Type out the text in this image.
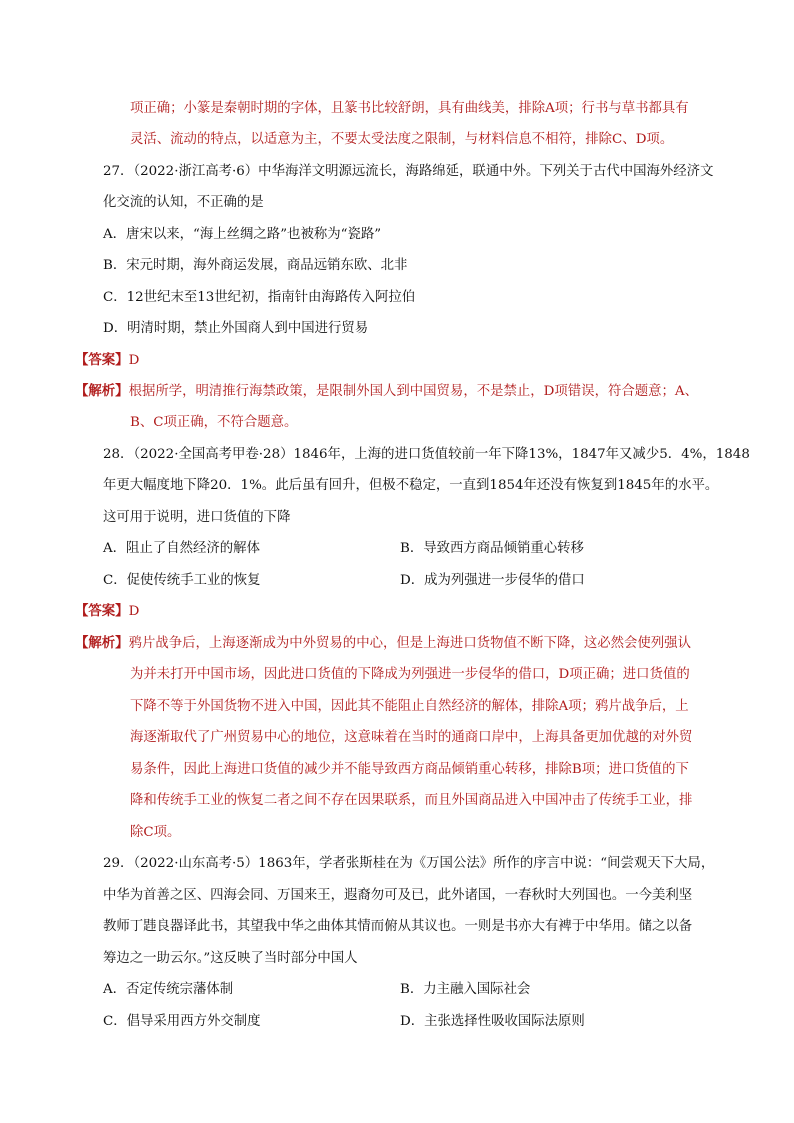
项正确；小篆是秦朝时期的字体，且篆书比较舒朗，具有曲线美，排除A项；行书与草书都具有
灵活、流动的特点，以适意为主，不要太受法度之限制，与材料信息不相符，排除C、D项。
27．（2022·浙江高考·6）中华海洋文明源远流长，海路绵延，联通中外。下列关于古代中国海外经济文
化交流的认知，不正确的是
A．唐宋以来，“海上丝绸之路”也被称为“瓷路”
B．宋元时期，海外商运发展，商品远销东欧、北非
C．12世纪末至13世纪初，指南针由海路传入阿拉伯
D．明清时期，禁止外国商人到中国进行贸易
【答案】D
【解析】根据所学，明清推行海禁政策，是限制外国人到中国贸易，不是禁止，D项错误，符合题意；A、
B、C项正确，不符合题意。
28．（2022·全国高考甲卷·28）1846年，上海的进口货值较前一年下降13%，1847年又减少5．4%，1848
年更大幅度地下降20．1%。此后虽有回升，但极不稳定，一直到1854年还没有恢复到1845年的水平。
这可用于说明，进口货值的下降
A．阻止了自然经济的解体	B．导致西方商品倾销重心转移
C．促使传统手工业的恢复	D．成为列强进一步侵华的借口
【答案】D
【解析】鸦片战争后，上海逐渐成为中外贸易的中心，但是上海进口货物值不断下降，这必然会使列强认
为并未打开中国市场，因此进口货值的下降成为列强进一步侵华的借口，D项正确；进口货值的
下降不等于外国货物不进入中国，因此其不能阻止自然经济的解体，排除A项；鸦片战争后，上
海逐渐取代了广州贸易中心的地位，这意味着在当时的通商口岸中，上海具备更加优越的对外贸
易条件，因此上海进口货值的减少并不能导致西方商品倾销重心转移，排除B项；进口货值的下
降和传统手工业的恢复二者之间不存在因果联系，而且外国商品进入中国冲击了传统手工业，排
除C项。
29．（2022·山东高考·5）1863年，学者张斯桂在为《万国公法》所作的序言中说：“间尝观天下大局，
中华为首善之区、四海会同、万国来王，遐裔勿可及已，此外诸国，一春秋时大列国也。一今美利坚
教师丁韪良器译此书，其望我中华之曲体其情而俯从其议也。一则是书亦大有裨于中华用。储之以备
筹边之一助云尔。”这反映了当时部分中国人
A．否定传统宗藩体制	B．力主融入国际社会
C．倡导采用西方外交制度	D．主张选择性吸收国际法原则
